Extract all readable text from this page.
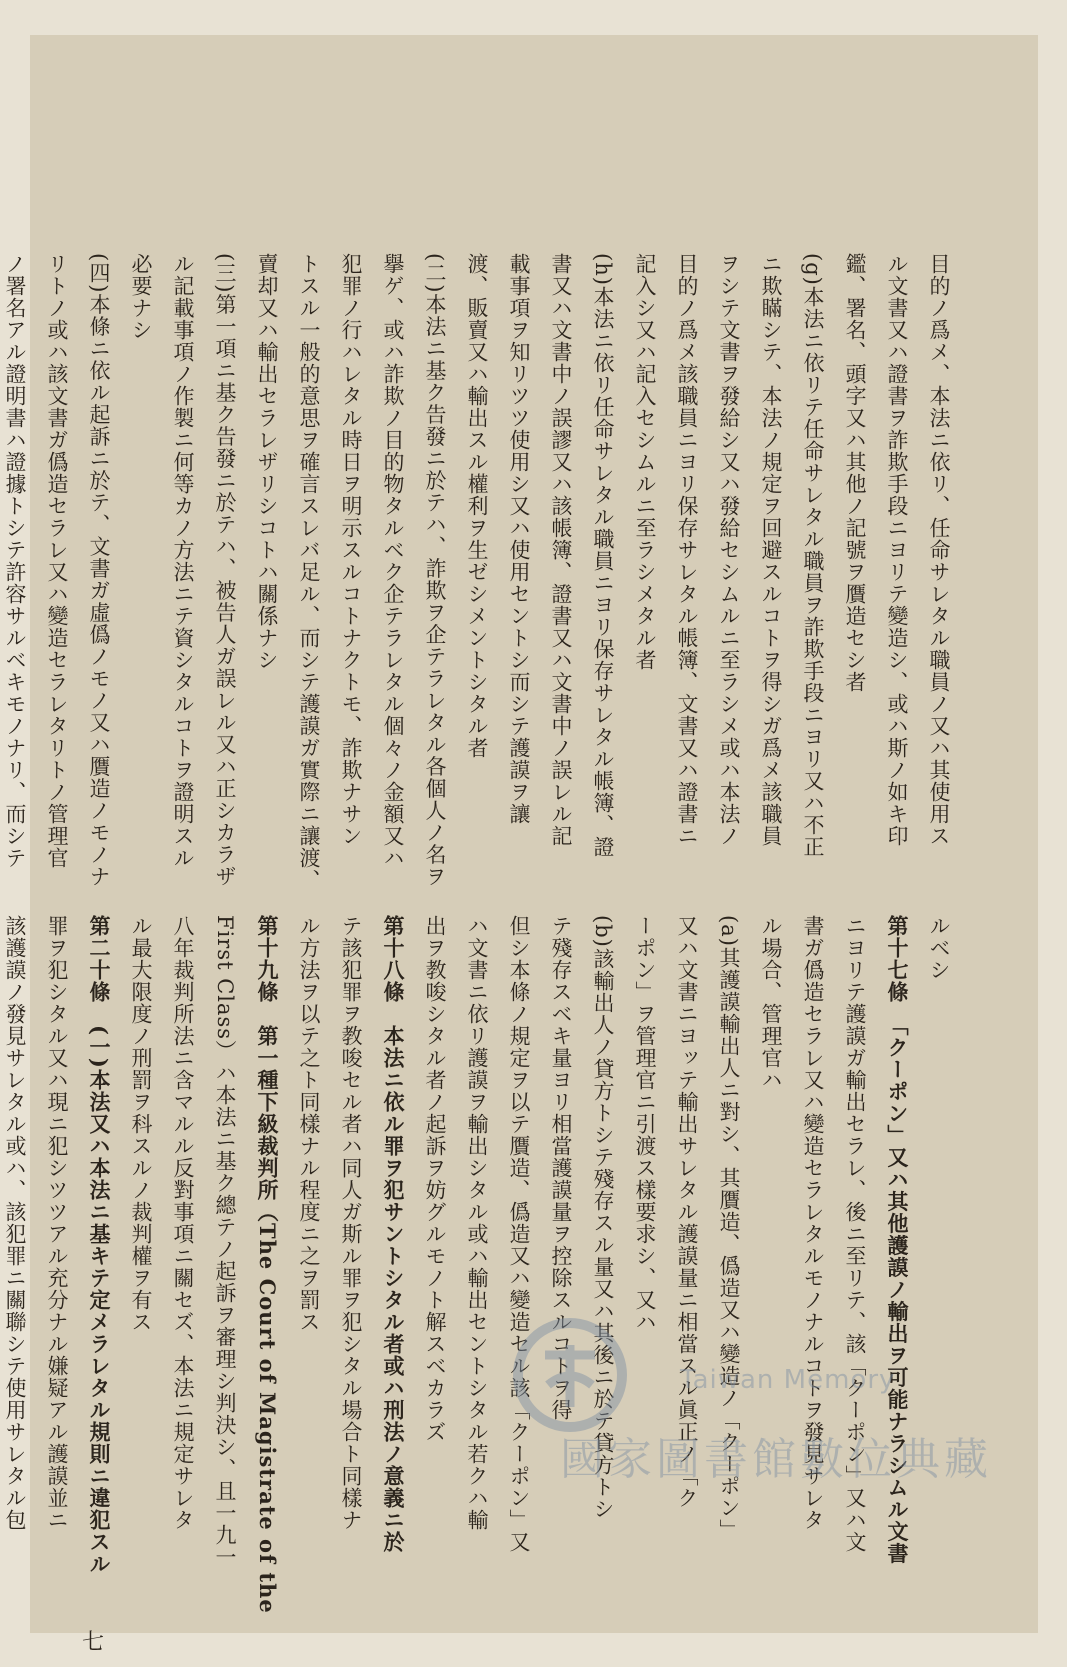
目的ノ爲メ、本法ニ依リ、任命サレタル職員ノ又ハ其使用ス
ル文書又ハ證書ヲ詐欺手段ニヨリテ變造シ、或ハ斯ノ如キ印
鑑、署名、頭字又ハ其他ノ記號ヲ贋造セシ者
(g)本法ニ依リテ任命サレタル職員ヲ詐欺手段ニヨリ又ハ不正
ニ欺瞞シテ、本法ノ規定ヲ回避スルコトヲ得シガ爲メ該職員
ヲシテ文書ヲ發給シ又ハ發給セシムルニ至ラシメ或ハ本法ノ
目的ノ爲メ該職員ニヨリ保存サレタル帳簿、文書又ハ證書ニ
記入シ又ハ記入セシムルニ至ラシメタル者
(h)本法ニ依リ任命サレタル職員ニヨリ保存サレタル帳簿、證
書又ハ文書中ノ誤謬又ハ該帳簿、證書又ハ文書中ノ誤レル記
載事項ヲ知リツツ使用シ又ハ使用セントシ而シテ護謨ヲ讓
渡、販賣又ハ輸出スル權利ヲ生ゼシメントシタル者
(二)本法ニ基ク告發ニ於テハ、詐欺ヲ企テラレタル各個人ノ名ヲ
擧ゲ、或ハ詐欺ノ目的物タルベク企テラレタル個々ノ金額又ハ
犯罪ノ行ハレタル時日ヲ明示スルコトナクトモ、詐欺ナサン
トスル一般的意思ヲ確言スレバ足ル、而シテ護謨ガ實際ニ讓渡、
賣却又ハ輸出セラレザリシコトハ關係ナシ
(三)第一項ニ基ク告發ニ於テハ、被告人ガ誤レル又ハ正シカラザ
ル記載事項ノ作製ニ何等カノ方法ニテ資シタルコトヲ證明スル
必要ナシ
(四)本條ニ依ル起訴ニ於テ、文書ガ虛僞ノモノ又ハ贋造ノモノナ
リトノ或ハ該文書ガ僞造セラレ又ハ變造セラレタリトノ管理官
ノ署名アル證明書ハ證據トシテ許容サルベキモノナリ、而シテ
ルベシ
第十七條　「クーポン」又ハ其他護謨ノ輸出ヲ可能ナラシムル文書
ニヨリテ護謨ガ輸出セラレ、後ニ至リテ、該「クーポン」又ハ文
書ガ僞造セラレ又ハ變造セラレタルモノナルコトヲ發見サレタ
ル場合、管理官ハ
(a)其護謨輸出人ニ對シ、其贋造、僞造又ハ變造ノ「クーポン」
又ハ文書ニヨッテ輸出サレタル護謨量ニ相當スル眞正ノ「ク
ーポン」ヲ管理官ニ引渡ス樣要求シ、又ハ
(b)該輸出人ノ貸方トシテ殘存スル量又ハ其後ニ於テ貸方トシ
テ殘存スベキ量ヨリ相當護謨量ヲ控除スルコトヲ得
但シ本條ノ規定ヲ以テ贋造、僞造又ハ變造セル該「クーポン」又
ハ文書ニ依リ護謨ヲ輸出シタル或ハ輸出セントシタル若クハ輸
出ヲ教唆シタル者ノ起訴ヲ妨グルモノト解スベカラズ
第十八條　本法ニ依ル罪ヲ犯サントシタル者或ハ刑法ノ意義ニ於
テ該犯罪ヲ教唆セル者ハ同人ガ斯ル罪ヲ犯シタル場合ト同樣ナ
ル方法ヲ以テ之ト同樣ナル程度ニ之ヲ罰ス
第十九條　第一種下級裁判所（The Court of Magistrate of the
First Class）ハ本法ニ基ク總テノ起訴ヲ審理シ判決シ、且一九一
八年裁判所法ニ含マルル反對事項ニ關セズ、本法ニ規定サレタ
ル最大限度ノ刑罰ヲ科スルノ裁判權ヲ有ス
第二十條　(一)本法又ハ本法ニ基キテ定メラレタル規則ニ違犯スル
罪ヲ犯シタル又ハ現ニ犯シツツアル充分ナル嫌疑アル護謨並ニ
該護謨ノ發見サレタル或ハ、該犯罪ニ關聯シテ使用サレタル包
七
Taiwan Memory
國家圖書館數位典藏
